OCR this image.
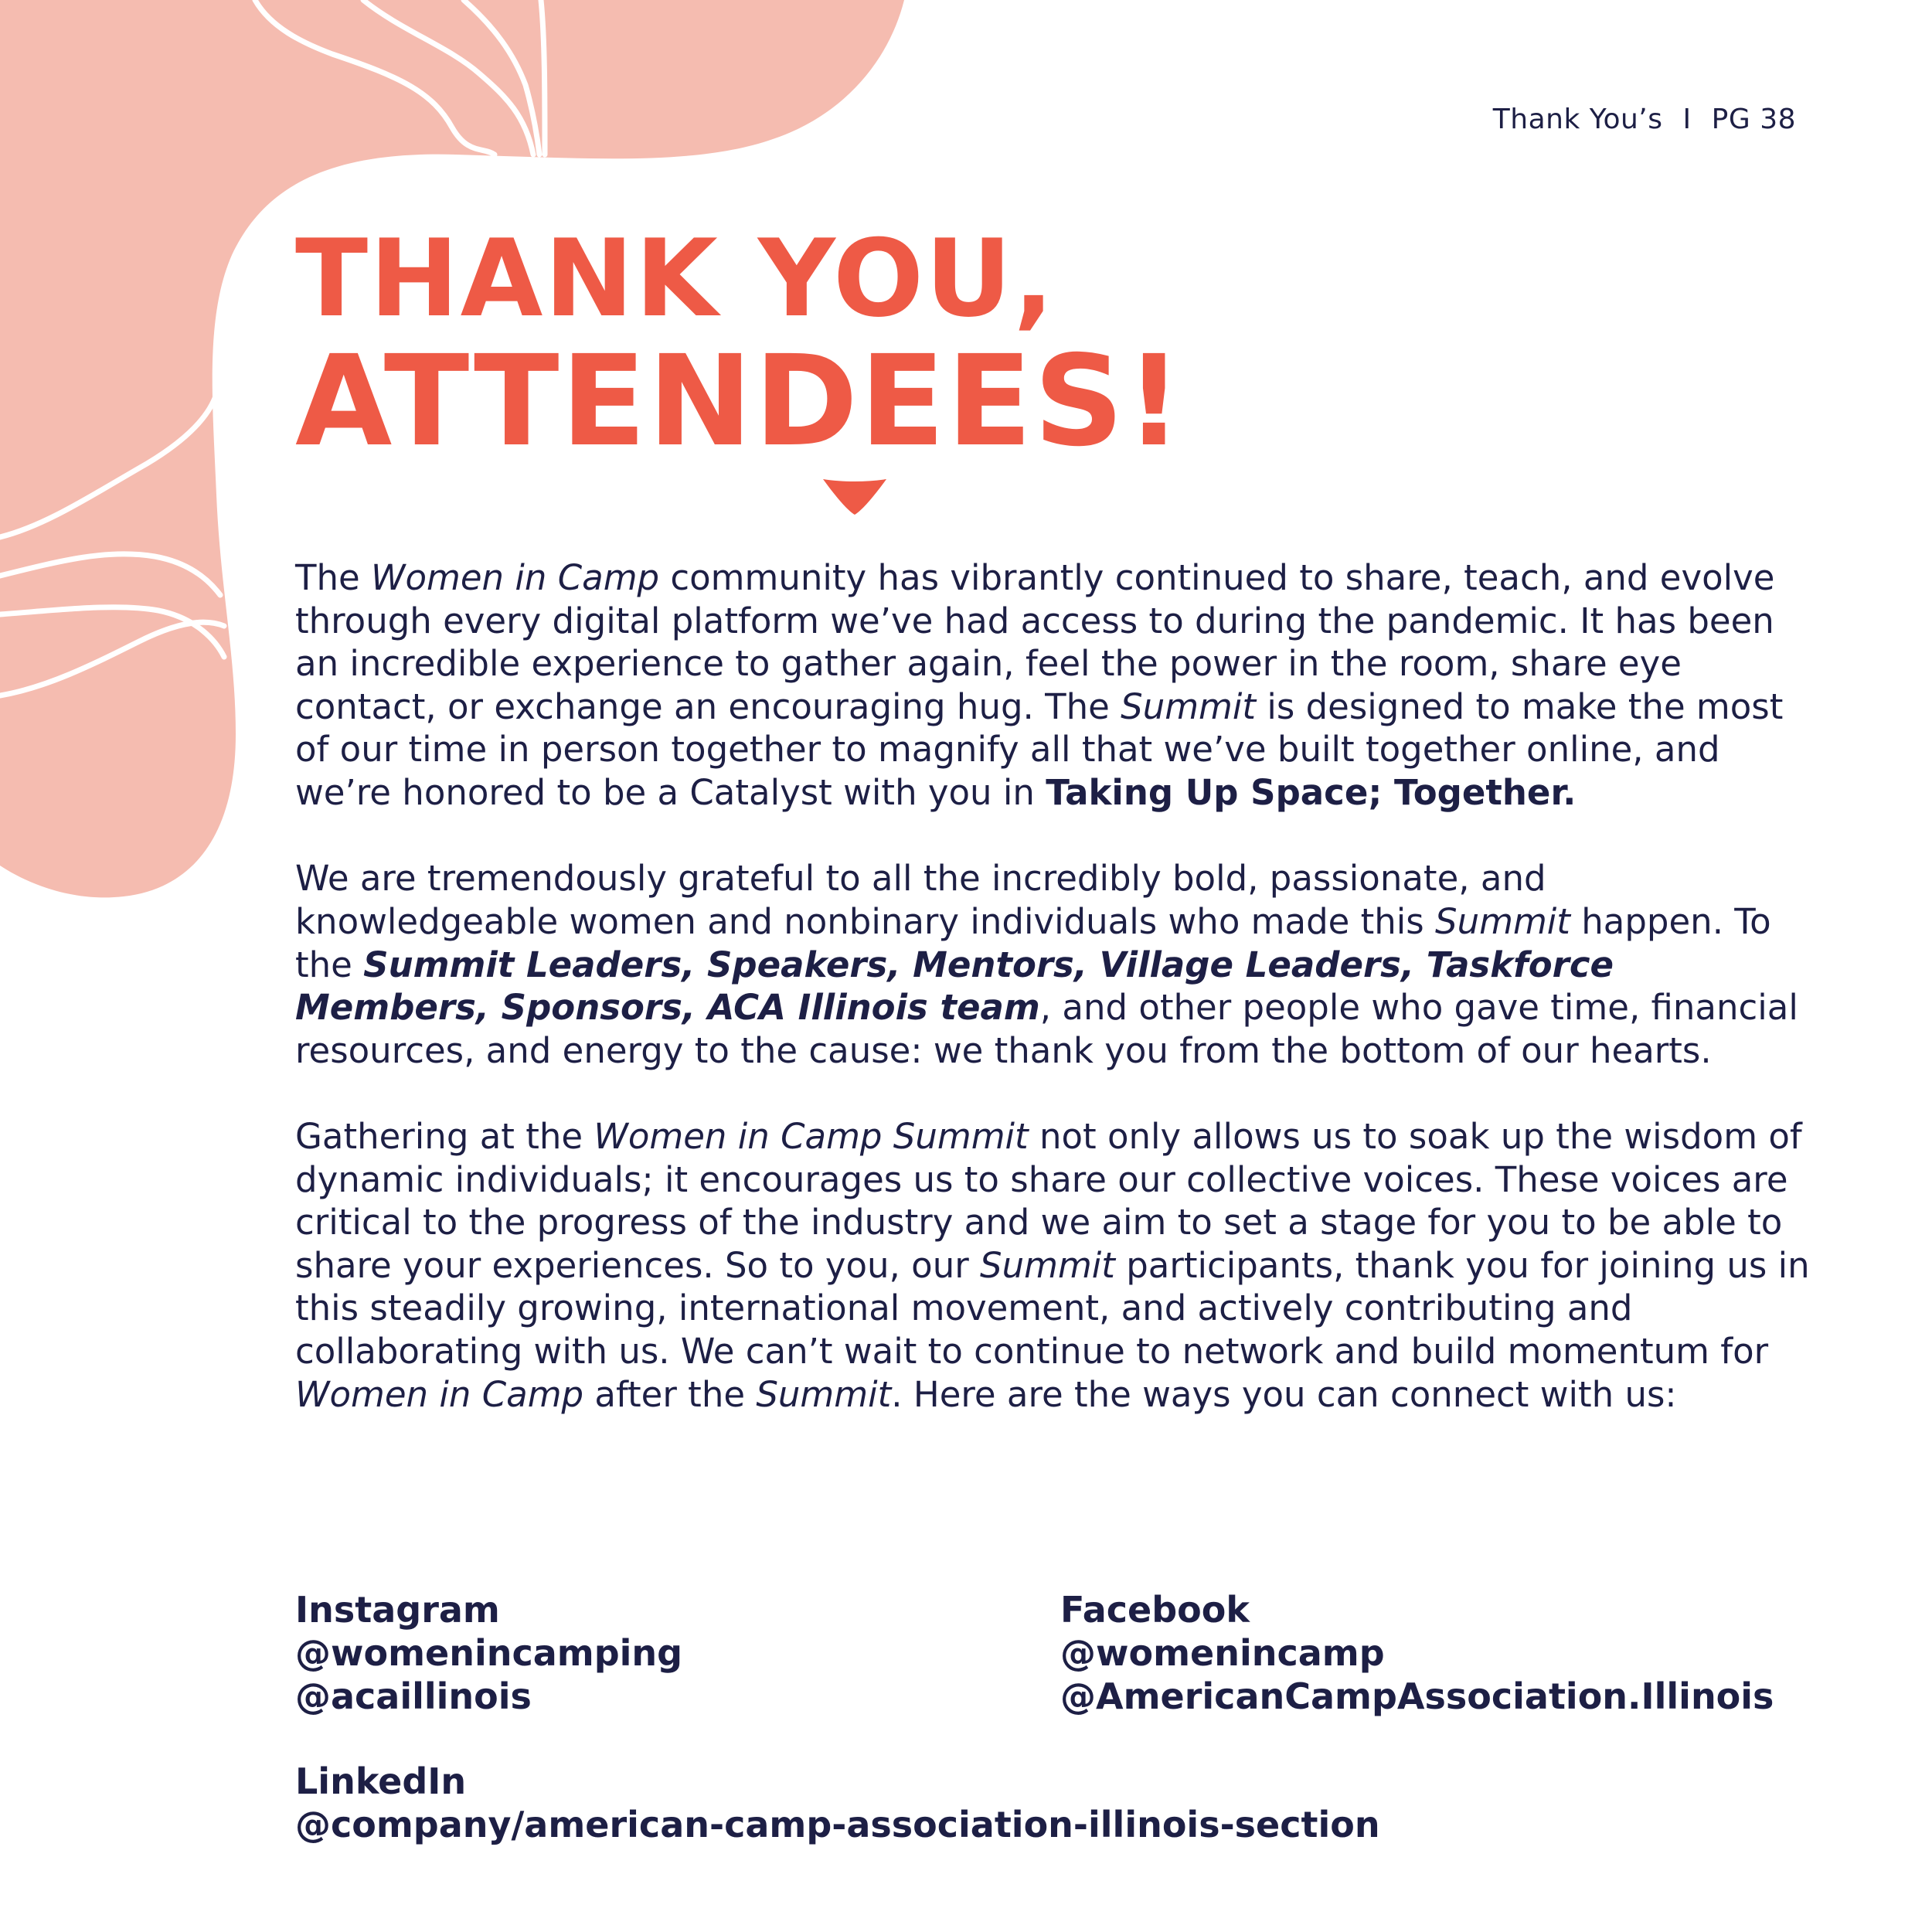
Thank You’s I PG 38
THANK YOU,
ATTENDEES!

The Women in Camp community has vibrantly continued to share, teach, and evolve through every digital platform we’ve had access to during the pandemic. It has been an incredible experience to gather again, feel the power in the room, share eye contact, or exchange an encouraging hug. The Summit is designed to make the most of our time in person together to magnify all that we’ve built together online, and we’re honored to be a Catalyst with you in Taking Up Space; Together.

We are tremendously grateful to all the incredibly bold, passionate, and knowledgeable women and nonbinary individuals who made this Summit happen. To the Summit Leaders, Speakers, Mentors, Village Leaders, Taskforce Members, Sponsors, ACA Illinois team, and other people who gave time, financial resources, and energy to the cause: we thank you from the bottom of our hearts.

Gathering at the Women in Camp Summit not only allows us to soak up the wisdom of dynamic individuals; it encourages us to share our collective voices. These voices are critical to the progress of the industry and we aim to set a stage for you to be able to share your experiences. So to you, our Summit participants, thank you for joining us in this steadily growing, international movement, and actively contributing and collaborating with us. We can’t wait to continue to network and build momentum for Women in Camp after the Summit. Here are the ways you can connect with us:

Instagram
@womenincamping
@acaillinois
Facebook
@womenincamp
@AmericanCampAssociation.Illinois
LinkedIn
@company/american-camp-association-illinois-section
